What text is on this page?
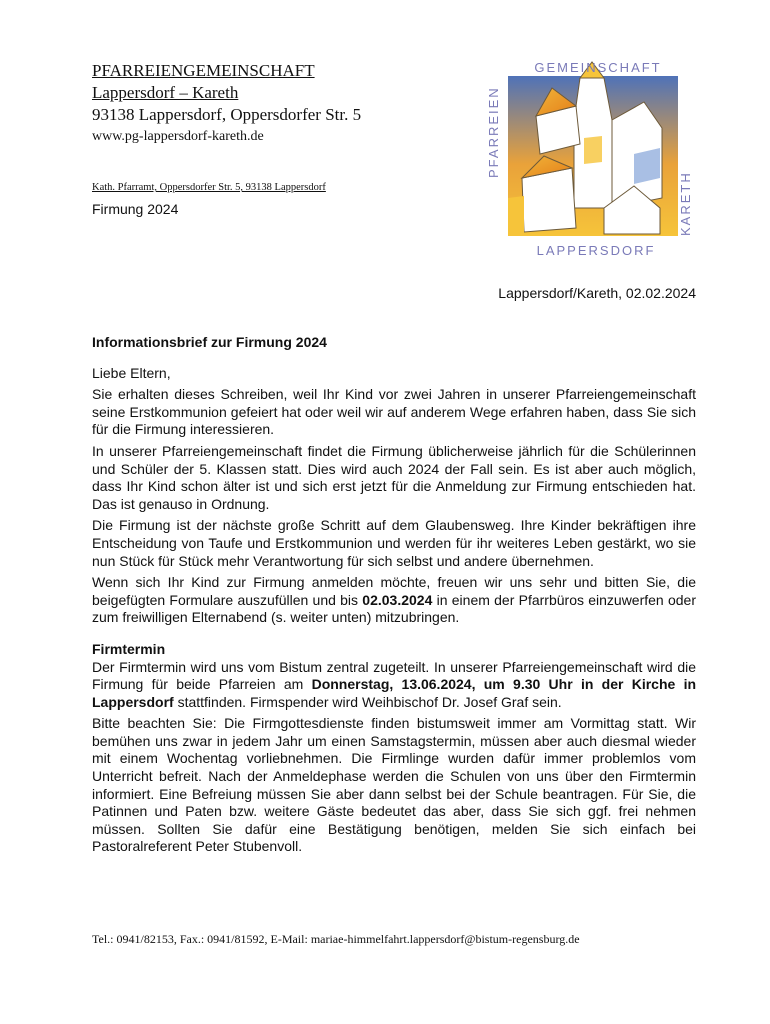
PFARREIENGEMEINSCHAFT
Lappersdorf – Kareth
93138 Lappersdorf, Oppersdorfer Str. 5
www.pg-lappersdorf-kareth.de
Kath. Pfarramt, Oppersdorfer Str. 5, 93138 Lappersdorf
Firmung 2024
GEMEINSCHAFT
PFARREIEN
KARETH
LAPPERSDORF
Lappersdorf/Kareth, 02.02.2024

Informationsbrief zur Firmung 2024

Liebe Eltern,

Sie erhalten dieses Schreiben, weil Ihr Kind vor zwei Jahren in unserer Pfarreiengemeinschaft seine Erstkommunion gefeiert hat oder weil wir auf anderem Wege erfahren haben, dass Sie sich für die Firmung interessieren.

In unserer Pfarreiengemeinschaft findet die Firmung üblicherweise jährlich für die Schülerinnen und Schüler der 5. Klassen statt. Dies wird auch 2024 der Fall sein. Es ist aber auch möglich, dass Ihr Kind schon älter ist und sich erst jetzt für die Anmeldung zur Firmung entschieden hat. Das ist genauso in Ordnung.

Die Firmung ist der nächste große Schritt auf dem Glaubensweg. Ihre Kinder bekräftigen ihre Entscheidung von Taufe und Erstkommunion und werden für ihr weiteres Leben gestärkt, wo sie nun Stück für Stück mehr Verantwortung für sich selbst und andere übernehmen.

Wenn sich Ihr Kind zur Firmung anmelden möchte, freuen wir uns sehr und bitten Sie, die beigefügten Formulare auszufüllen und bis 02.03.2024 in einem der Pfarrbüros einzuwerfen oder zum freiwilligen Elternabend (s. weiter unten) mitzubringen.

Firmtermin

Der Firmtermin wird uns vom Bistum zentral zugeteilt. In unserer Pfarreiengemeinschaft wird die Firmung für beide Pfarreien am Donnerstag, 13.06.2024, um 9.30 Uhr in der Kirche in Lappersdorf stattfinden. Firmspender wird Weihbischof Dr. Josef Graf sein.

Bitte beachten Sie: Die Firmgottesdienste finden bistumsweit immer am Vormittag statt. Wir bemühen uns zwar in jedem Jahr um einen Samstagstermin, müssen aber auch diesmal wieder mit einem Wochentag vorliebnehmen. Die Firmlinge wurden dafür immer problemlos vom Unterricht befreit. Nach der Anmeldephase werden die Schulen von uns über den Firmtermin informiert. Eine Befreiung müssen Sie aber dann selbst bei der Schule beantragen. Für Sie, die Patinnen und Paten bzw. weitere Gäste bedeutet das aber, dass Sie sich ggf. frei nehmen müssen. Sollten Sie dafür eine Bestätigung benötigen, melden Sie sich einfach bei Pastoralreferent Peter Stubenvoll.

Tel.: 0941/82153, Fax.: 0941/81592, E-Mail: mariae-himmelfahrt.lappersdorf@bistum-regensburg.de
